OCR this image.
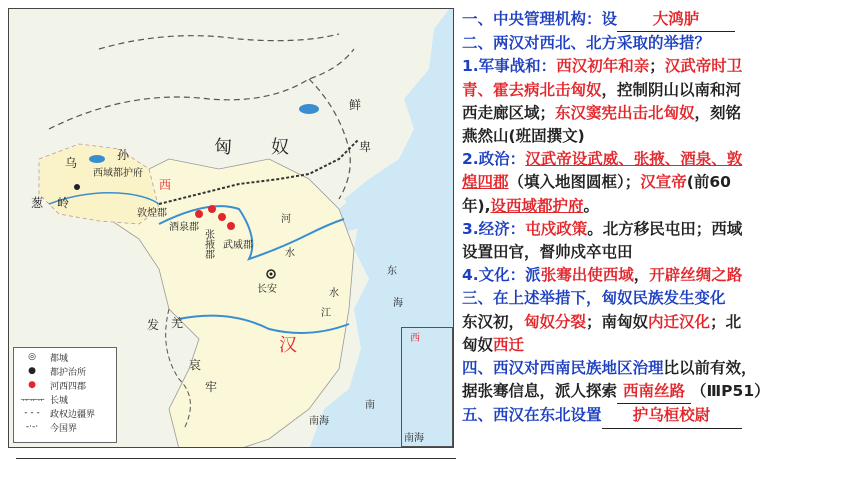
乌
孙
西域都护府
西
匈 奴
鲜
卑
葱 岭
敦煌郡
酒泉郡
张掖郡
武威郡
河
水
长安
江
发 羌
汉
东
海
水
哀
牢
南海
南
◎	都城
●	都护治所
●	河西四郡
ᅲᅲᅲ 长城
- - -	政权边疆界
-·-·	今国界
西
南海

一、中央管理机构：设 大鸿胪

二、两汉对西北、北方采取的举措？

1.军事战和：西汉初年和亲；汉武帝时卫

青、霍去病北击匈奴，控制阴山以南和河

西走廊区域；东汉窦宪出击北匈奴，刻铭

燕然山(班固撰文)

2.政治：汉武帝设武威、张掖、酒泉、敦

煌四郡（填入地图圆框）；汉宣帝(前60

年),设西域都护府。

3.经济：屯戍政策。北方移民屯田；西域

设置田官，督帅戍卒屯田

4.文化：派张骞出使西域，开辟丝绸之路

三、在上述举措下，匈奴民族发生变化

东汉初，匈奴分裂；南匈奴内迁汉化；北

匈奴西迁

四、西汉对西南民族地区治理比以前有效，

据张骞信息，派人探索 西南丝路 （ⅢP51）

五、西汉在东北设置 护乌桓校尉
